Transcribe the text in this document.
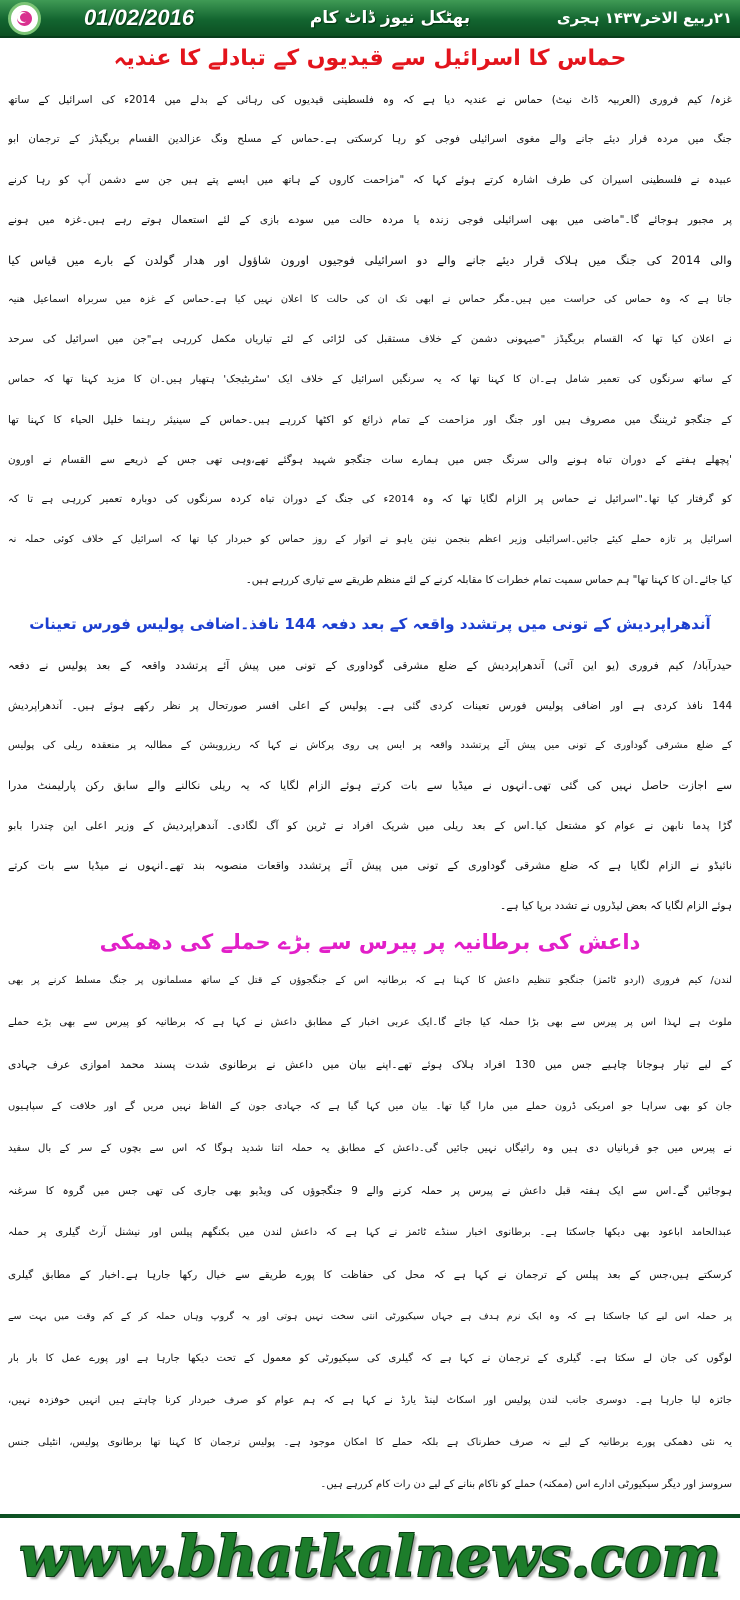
01/02/2016	بھٹکل نیوز ڈاٹ کام	۲۱ربیع الاخر۱۴۳۷ ہجری
حماس کا اسرائیل سے قیدیوں کے تبادلے کا عندیہ
غزہ/ کیم فروری (العربیہ ڈاٹ نیٹ) حماس نے عندیہ دیا ہے کہ وہ فلسطینی قیدیوں کی رہائی کے بدلے میں 2014ء کی اسرائیل کے ساتھ
جنگ میں مردہ قرار دیئے جانے والے مغوی اسرائیلی فوجی کو رہا کرسکتی ہے۔حماس کے مسلح ونگ عزالدین القسام بریگیڈز کے ترجمان ابو
عبیدہ نے فلسطینی اسیران کی طرف اشارہ کرتے ہوئے کہا کہ "مزاحمت کاروں کے ہاتھ میں ایسے پتے ہیں جن سے دشمن آپ کو رہا کرنے
پر مجبور ہوجائے گا۔"ماضی میں بھی اسرائیلی فوجی زندہ یا مردہ حالت میں سودے بازی کے لئے استعمال ہوتے رہے ہیں۔غزہ میں ہونے
والی 2014 کی جنگ میں ہلاک قرار دیئے جانے والے دو اسرائیلی فوجیوں اورون شاؤول اور ھدار گولدن کے بارے میں قیاس کیا
جاتا ہے کہ وہ حماس کی حراست میں ہیں۔مگر حماس نے ابھی تک ان کی حالت کا اعلان نہیں کیا ہے۔حماس کے غزہ میں سربراہ اسماعیل ھنیہ
نے اعلان کیا تھا کہ القسام بریگیڈز "صیہونی دشمن کے خلاف مستقبل کی لڑائی کے لئے تیاریاں مکمل کررہی ہے"جن میں اسرائیل کی سرحد
کے ساتھ سرنگوں کی تعمیر شامل ہے۔ان کا کہنا تھا کہ یہ سرنگیں اسرائیل کے خلاف ایک 'سٹریٹیجک' ہتھیار ہیں۔ان کا مزید کہنا تھا کہ حماس
کے جنگجو ٹریننگ میں مصروف ہیں اور جنگ اور مزاحمت کے تمام ذرائع کو اکٹھا کررہے ہیں۔حماس کے سینیئر رہنما خلیل الحیاء کا کہنا تھا
'پچھلے ہفتے کے دوران تباہ ہونے والی سرنگ جس میں ہمارے سات جنگجو شہید ہوگئے تھے،وہی تھی جس کے ذریعے سے القسام نے اورون
کو گرفتار کیا تھا۔"اسرائیل نے حماس پر الزام لگایا تھا کہ وہ 2014ء کی جنگ کے دوران تباہ کردہ سرنگوں کی دوبارہ تعمیر کررہی ہے تا کہ
اسرائیل پر تازہ حملے کیئے جائیں۔اسرائیلی وزیر اعظم بنجمن نیتن یاہو نے اتوار کے روز حماس کو خبردار کیا تھا کہ اسرائیل کے خلاف کوئی حملہ نہ
کیا جائے۔ان کا کہنا تھا" ہم حماس سمیت تمام خطرات کا مقابلہ کرنے کے لئے منظم طریقے سے تیاری کررہے ہیں۔
آندھراپردیش کے تونی میں پرتشدد واقعہ کے بعد دفعہ 144 نافذ۔اضافی پولیس فورس تعینات
حیدرآباد/ کیم فروری (یو این آئی) آندھراپردیش کے ضلع مشرقی گوداوری کے تونی میں پیش آئے پرتشدد واقعہ کے بعد پولیس نے دفعہ
144 نافذ کردی ہے اور اضافی پولیس فورس تعینات کردی گئی ہے۔ پولیس کے اعلی افسر صورتحال پر نظر رکھے ہوئے ہیں۔ آندھراپردیش
کے ضلع مشرقی گوداوری کے تونی میں پیش آئے پرتشدد واقعہ پر ایس پی روی پرکاش نے کہا کہ ریزرویشن کے مطالبہ پر منعقدہ ریلی کی پولیس
سے اجازت حاصل نہیں کی گئی تھی۔انہوں نے میڈیا سے بات کرتے ہوئے الزام لگایا کہ یہ ریلی نکالنے والے سابق رکن پارلیمنٹ مدرا
گڑا پدما نابھن نے عوام کو مشتعل کیا۔اس کے بعد ریلی میں شریک افراد نے ٹرین کو آگ لگادی۔ آندھراپردیش کے وزیر اعلی این چندرا بابو
نائیڈو نے الزام لگایا ہے کہ ضلع مشرقی گوداوری کے تونی میں پیش آئے پرتشدد واقعات منصوبہ بند تھے۔انہوں نے میڈیا سے بات کرتے
ہوئے الزام لگایا کہ بعض لیڈروں نے تشدد برپا کیا ہے۔
داعش کی برطانیہ پر پیرس سے بڑے حملے کی دھمکی
لندن/ کیم فروری (اردو ٹائمز) جنگجو تنظیم داعش کا کہنا ہے کہ برطانیہ اس کے جنگجوؤں کے قتل کے ساتھ مسلمانوں پر جنگ مسلط کرنے پر بھی
ملوث ہے لہذا اس پر پیرس سے بھی بڑا حملہ کیا جائے گا۔ایک عربی اخبار کے مطابق داعش نے کہا ہے کہ برطانیہ کو پیرس سے بھی بڑے حملے
کے لیے تیار ہوجانا چاہیے جس میں 130 افراد ہلاک ہوئے تھے۔اپنے بیان میں داعش نے برطانوی شدت پسند محمد اموازی عرف جہادی
جان کو بھی سراہا جو امریکی ڈرون حملے میں مارا گیا تھا۔ بیان میں کہا گیا ہے کہ جہادی جون کے الفاظ نہیں مریں گے اور خلافت کے سپاہیوں
نے پیرس میں جو قربانیاں دی ہیں وہ رائیگاں نہیں جائیں گی۔داعش کے مطابق یہ حملہ اتنا شدید ہوگا کہ اس سے بچوں کے سر کے بال سفید
ہوجائیں گے۔اس سے ایک ہفتہ قبل داعش نے پیرس پر حملہ کرنے والے 9 جنگجوؤں کی ویڈیو بھی جاری کی تھی جس میں گروہ کا سرغنہ
عبدالحامد اباعود بھی دیکھا جاسکتا ہے۔ برطانوی اخبار سنڈے ٹائمز نے کہا ہے کہ داعش لندن میں بکنگھم پیلس اور نیشنل آرٹ گیلری پر حملہ
کرسکتے ہیں،جس کے بعد پیلس کے ترجمان نے کہا ہے کہ محل کی حفاظت کا پورے طریقے سے خیال رکھا جارہا ہے۔اخبار کے مطابق گیلری
پر حملہ اس لیے کیا جاسکتا ہے کہ وہ ایک نرم ہدف ہے جہاں سیکیورٹی انتی سخت نہیں ہوتی اور یہ گروپ وہاں حملہ کر کے کم وقت میں بہت سے
لوگوں کی جان لے سکتا ہے۔ گیلری کے ترجمان نے کہا ہے کہ گیلری کی سیکیورٹی کو معمول کے تحت دیکھا جارہا ہے اور پورے عمل کا بار بار
جائزہ لیا جارہا ہے۔ دوسری جانب لندن پولیس اور اسکاٹ لینڈ یارڈ نے کہا ہے کہ ہم عوام کو صرف خبردار کرنا چاہتے ہیں انہیں خوفزدہ نہیں،
یہ نئی دھمکی پورے برطانیہ کے لیے نہ صرف خطرناک ہے بلکہ حملے کا امکان موجود ہے۔ پولیس ترجمان کا کہنا تھا برطانوی پولیس، انٹیلی جنس
سروسز اور دیگر سیکیورٹی ادارے اس (ممکنہ) حملے کو ناکام بنانے کے لیے دن رات کام کررہے ہیں۔
www.bhatkalnews.com
